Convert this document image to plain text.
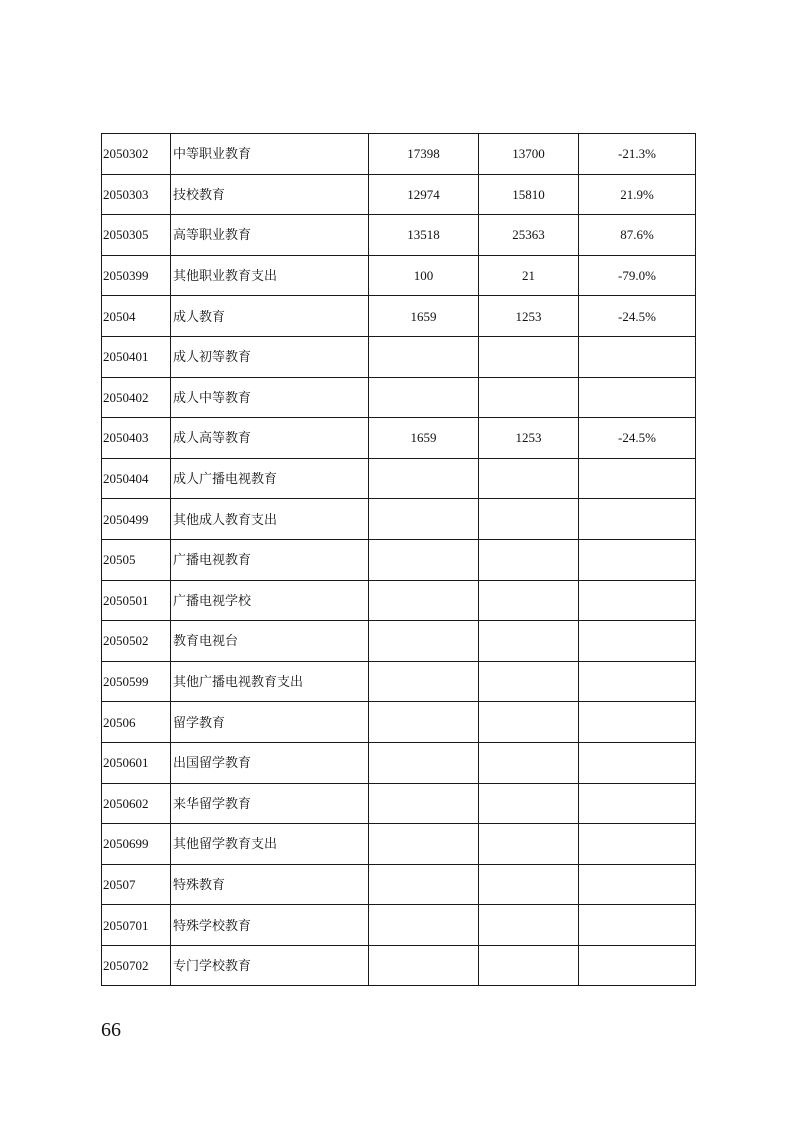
2050302	中等职业教育	17398	13700	-21.3%
2050303	技校教育	12974	15810	21.9%
2050305	高等职业教育	13518	25363	87.6%
2050399	其他职业教育支出	100	21	-79.0%
20504	成人教育	1659	1253	-24.5%
2050401	成人初等教育			
2050402	成人中等教育			
2050403	成人高等教育	1659	1253	-24.5%
2050404	成人广播电视教育			
2050499	其他成人教育支出			
20505	广播电视教育			
2050501	广播电视学校			
2050502	教育电视台			
2050599	其他广播电视教育支出			
20506	留学教育			
2050601	出国留学教育			
2050602	来华留学教育			
2050699	其他留学教育支出			
20507	特殊教育			
2050701	特殊学校教育			
2050702	专门学校教育			
66
